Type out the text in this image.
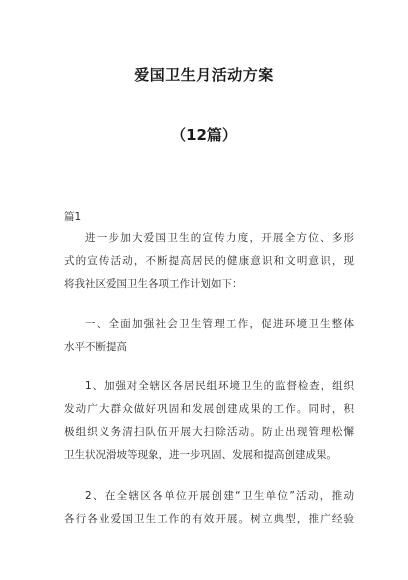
爱国卫生月活动方案
（12篇）
篇1
进一步加大爱国卫生的宣传力度，开展全方位、多形
式的宣传活动，不断提高居民的健康意识和文明意识，现
将我社区爱国卫生各项工作计划如下：
一、全面加强社会卫生管理工作，促进环境卫生整体
水平不断提高
1、加强对全辖区各居民组环境卫生的监督检查，组织
发动广大群众做好巩固和发展创建成果的工作。同时，积
极组织义务清扫队伍开展大扫除活动。防止出现管理松懈
卫生状况滑坡等现象，进一步巩固、发展和提高创建成果。
2、在全辖区各单位开展创建“卫生单位”活动，推动
各行各业爱国卫生工作的有效开展。树立典型，推广经验
